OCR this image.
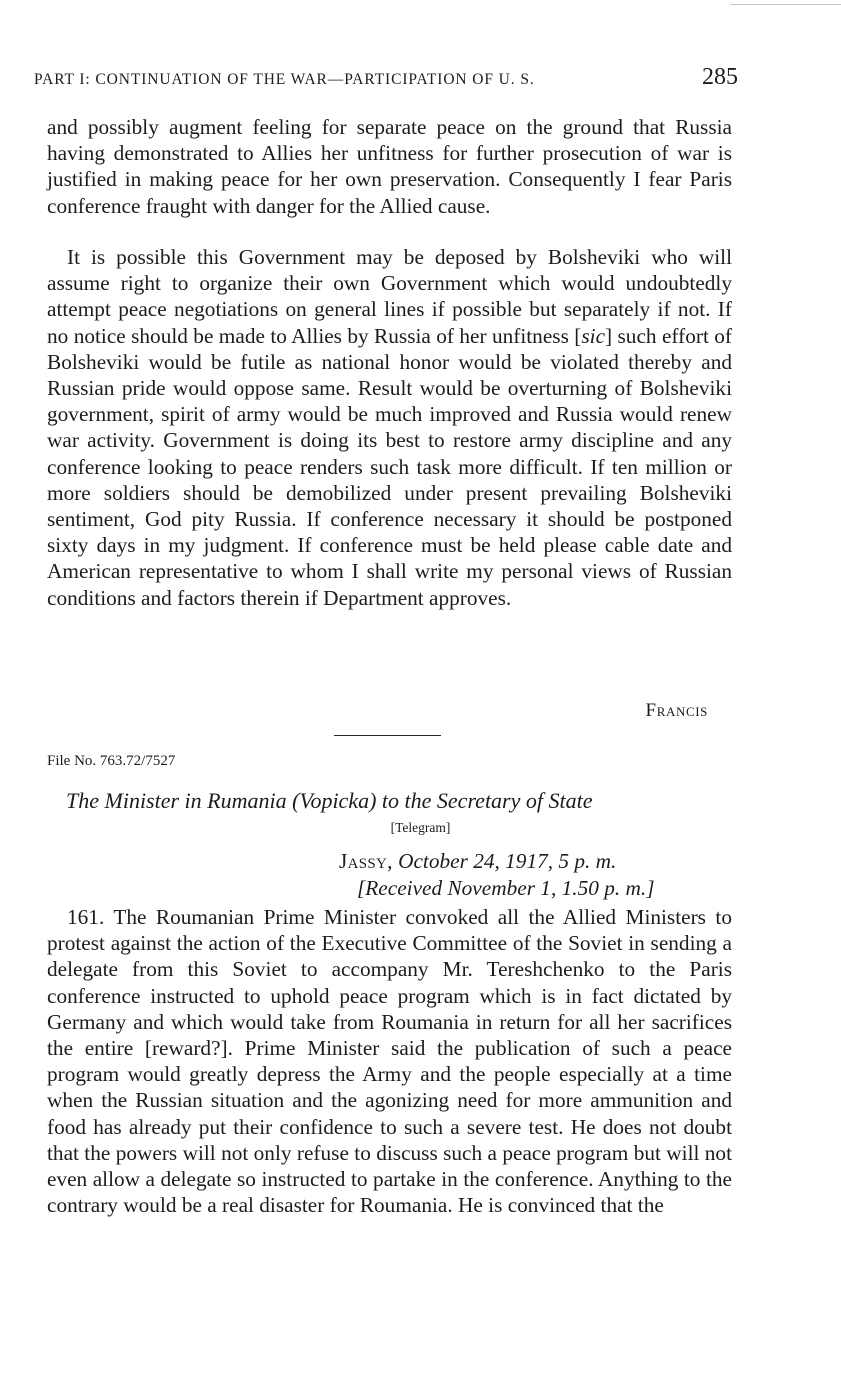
PART I: CONTINUATION OF THE WAR—PARTICIPATION OF U. S.	285

and possibly augment feeling for separate peace on the ground that Russia having demonstrated to Allies her unfitness for further prosecution of war is justified in making peace for her own preservation. Consequently I fear Paris conference fraught with danger for the Allied cause.

It is possible this Government may be deposed by Bolsheviki who will assume right to organize their own Government which would undoubtedly attempt peace negotiations on general lines if possible but separately if not. If no notice should be made to Allies by Russia of her unfitness [sic] such effort of Bolsheviki would be futile as national honor would be violated thereby and Russian pride would oppose same. Result would be overturning of Bolsheviki government, spirit of army would be much improved and Russia would renew war activity. Government is doing its best to restore army discipline and any conference looking to peace renders such task more difficult. If ten million or more soldiers should be demobilized under present prevailing Bolsheviki sentiment, God pity Russia. If conference necessary it should be postponed sixty days in my judgment. If conference must be held please cable date and American representative to whom I shall write my personal views of Russian conditions and factors therein if Department approves.

Francis
File No. 763.72/7527
The Minister in Rumania (Vopicka) to the Secretary of State
[Telegram]
Jassy, October 24, 1917, 5 p. m.
[Received November 1, 1.50 p. m.]

161. The Roumanian Prime Minister convoked all the Allied Ministers to protest against the action of the Executive Committee of the Soviet in sending a delegate from this Soviet to accompany Mr. Tereshchenko to the Paris conference instructed to uphold peace program which is in fact dictated by Germany and which would take from Roumania in return for all her sacrifices the entire [reward?]. Prime Minister said the publication of such a peace program would greatly depress the Army and the people especially at a time when the Russian situation and the agonizing need for more ammunition and food has already put their confidence to such a severe test. He does not doubt that the powers will not only refuse to discuss such a peace program but will not even allow a delegate so instructed to partake in the conference. Anything to the contrary would be a real disaster for Roumania. He is convinced that the
